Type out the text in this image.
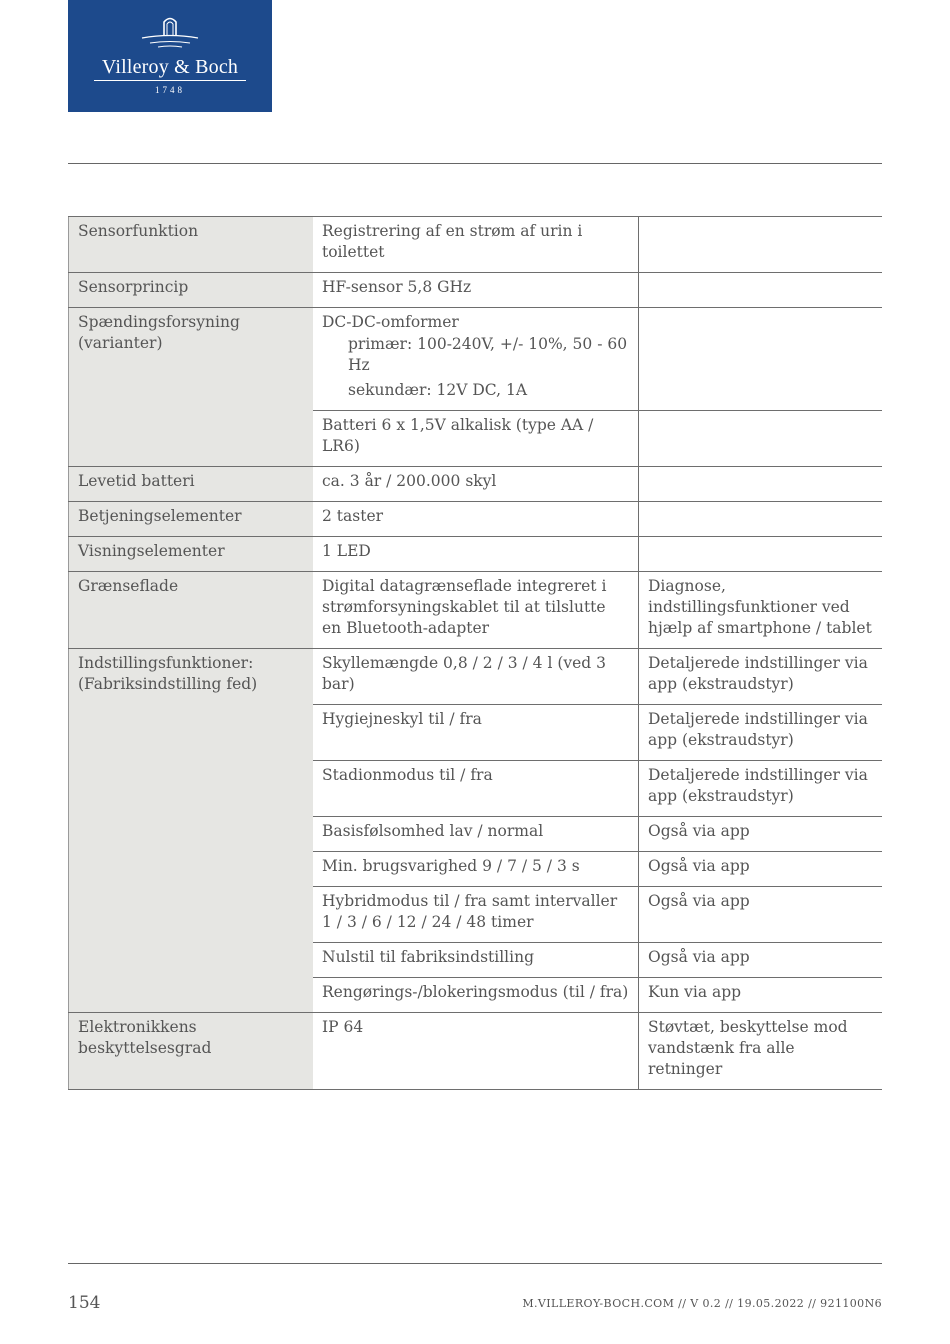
Villeroy & Boch
1748
Sensorfunktion	Registrering af en strøm af urin i toilettet	
Sensorprincip	HF-sensor 5,8 GHz	
Spændingsforsyning (varianter)	DC-DC-omformer
primær: 100-240V, +/- 10%, 50 - 60 Hz
sekundær: 12V DC, 1A	

	Batteri 6 x 1,5V alkalisk (type AA / LR6)	
Levetid batteri	ca. 3 år / 200.000 skyl	
Betjeningselementer	2 taster	
Visningselementer	1 LED	
Grænseflade	Digital datagrænseflade integreret i strømforsyningskablet til at tilslutte en Bluetooth-adapter	Diagnose, indstillingsfunktioner ved hjælp af smartphone / tablet

Indstillingsfunktioner:
(Fabriksindstilling fed)	Skyllemængde 0,8 / 2 / 3 / 4 l (ved 3 bar)	Detaljerede indstillinger via app (ekstraudstyr)
	Hygiejneskyl til / fra	Detaljerede indstillinger via app (ekstraudstyr)
	Stadionmodus til / fra	Detaljerede indstillinger via app (ekstraudstyr)
	Basisfølsomhed lav / normal	Også via app
	Min. brugsvarighed 9 / 7 / 5 / 3 s	Også via app
	Hybridmodus til / fra samt intervaller 1 / 3 / 6 / 12 / 24 / 48 timer	Også via app
	Nulstil til fabriksindstilling	Også via app
	Rengørings-/blokeringsmodus (til / fra)	Kun via app
Elektronikkens beskyttelsesgrad	IP 64	Støvtæt, beskyttelse mod vandstænk fra alle retninger
154	M.VILLEROY-BOCH.COM // V 0.2 // 19.05.2022 // 921100N6
